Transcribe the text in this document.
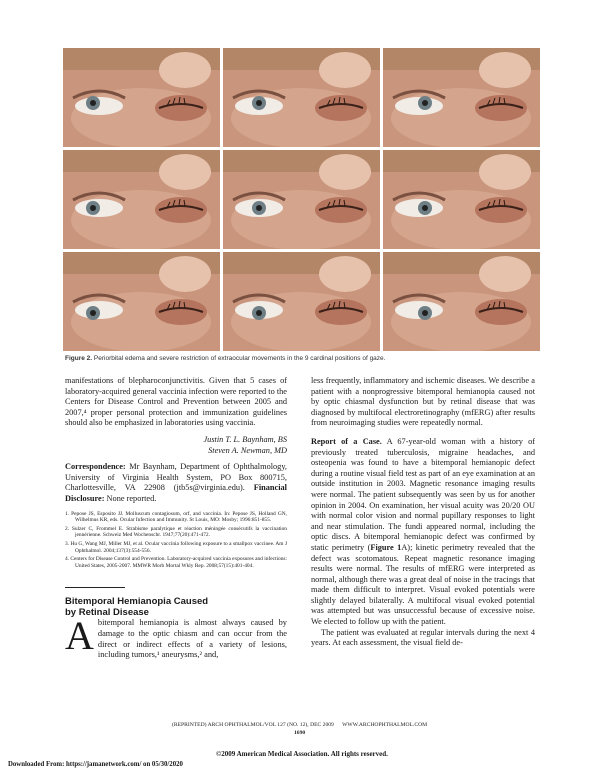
Figure 2. Periorbital edema and severe restriction of extraocular movements in the 9 cardinal positions of gaze.

manifestations of blepharoconjunctivitis. Given that 5 cases of laboratory-acquired general vaccinia infection were reported to the Centers for Disease Control and Prevention between 2005 and 2007,⁴ proper personal protection and immunization guidelines should also be emphasized in laboratories using vaccinia.

Justin T. L. Baynham, BS
Steven A. Newman, MD

Correspondence: Mr Baynham, Department of Ophthalmology, University of Virginia Health System, PO Box 800715, Charlottesville, VA 22908 (jtb5s@virginia.edu). Financial Disclosure: None reported.

1. Pepose JS, Esposito JJ. Molluscum contagiosum, orf, and vaccinia. In: Pepose JS, Holland GN, Wilhelmus KR, eds. Ocular Infection and Immunity. St Louis, MO: Mosby; 1996:851-855.
2. Sulzer C, Frommel E. Strabisme paralytique et réaction méningée consécutifs la vaccination jennérienne. Schweiz Med Wochenschr. 1947;77(20):471-472.
3. Hu G, Wang MJ, Miller MJ, et al. Ocular vaccinia following exposure to a smallpox vaccinee. Am J Ophthalmol. 2004;137(3):554-556.
4. Centers for Disease Control and Prevention. Laboratory-acquired vaccinia exposures and infections: United States, 2005-2007. MMWR Morb Mortal Wkly Rep. 2008;57(15):401-404.
Bitemporal Hemianopia Caused
by Retinal Disease

A bitemporal hemianopia is almost always caused by damage to the optic chiasm and can occur from the direct or indirect effects of a variety of lesions, including tumors,¹ aneurysms,² and,

less frequently, inflammatory and ischemic diseases. We describe a patient with a nonprogressive bitemporal hemianopia caused not by optic chiasmal dysfunction but by retinal disease that was diagnosed by multifocal electroretinography (mfERG) after results from neuroimaging studies were repeatedly normal.

Report of a Case. A 67-year-old woman with a history of previously treated tuberculosis, migraine headaches, and osteopenia was found to have a bitemporal hemianopic defect during a routine visual field test as part of an eye examination at an outside institution in 2003. Magnetic resonance imaging results were normal. The patient subsequently was seen by us for another opinion in 2004. On examination, her visual acuity was 20/20 OU with normal color vision and normal pupillary responses to light and near stimulation. The fundi appeared normal, including the optic discs. A bitemporal hemianopic defect was confirmed by static perimetry (Figure 1A); kinetic perimetry revealed that the defect was scotomatous. Repeat magnetic resonance imaging results were normal. The results of mfERG were interpreted as normal, although there was a great deal of noise in the tracings that made them difficult to interpret. Visual evoked potentials were slightly delayed bilaterally. A multifocal visual evoked potential was attempted but was unsuccessful because of excessive noise. We elected to follow up with the patient.

The patient was evaluated at regular intervals during the next 4 years. At each assessment, the visual field de-

(REPRINTED) ARCH OPHTHALMOL/VOL 127 (NO. 12), DEC 2009      WWW.ARCHOPHTHALMOL.COM
1690
©2009 American Medical Association. All rights reserved.
Downloaded From: https://jamanetwork.com/ on 05/30/2020
